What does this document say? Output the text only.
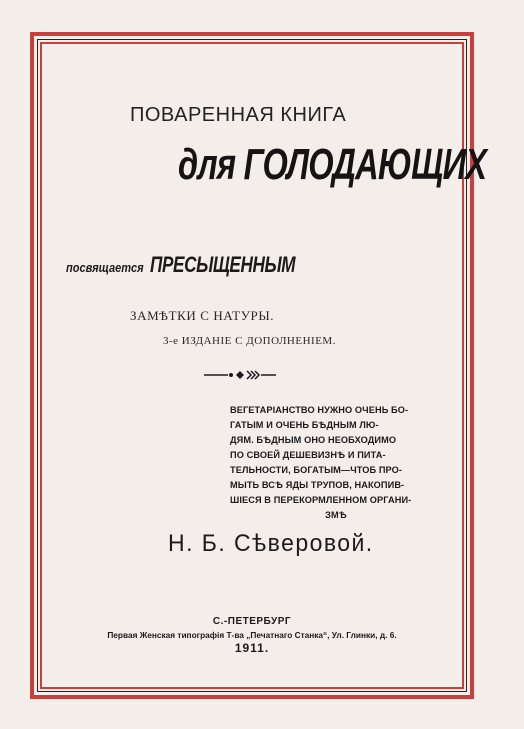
ПОВАРЕННАЯ КНИГА
для ГОЛОДАЮЩИХ
посвящается ПРЕСЫЩЕННЫМ
ЗАМѢТКИ С НАТУРЫ.
3-е ИЗДАНІЕ С ДОПОЛНЕНІЕМ.
ВЕГЕТАРІАНСТВО НУЖНО ОЧЕНЬ БО-
ГАТЫМ И ОЧЕНЬ БѢДНЫМ ЛЮ-
ДЯМ. БѢДНЫМ ОНО НЕОБХОДИМО
ПО СВОЕЙ ДЕШЕВИЗНѢ И ПИТА-
ТЕЛЬНОСТИ, БОГАТЫМ—ЧТОБ ПРО-
МЫТЬ ВСѢ ЯДЫ ТРУПОВ, НАКОПИВ-
ШІЕСЯ В ПЕРЕКОРМЛЕННОМ ОРГАНИ-
ЗМѢ
Н. Б. Сѣверовой.
С.-ПЕТЕРБУРГ
Первая Женская типографія Т-ва „Печатнаго Станка“, Ул. Глинки, д. 6.
1911.
